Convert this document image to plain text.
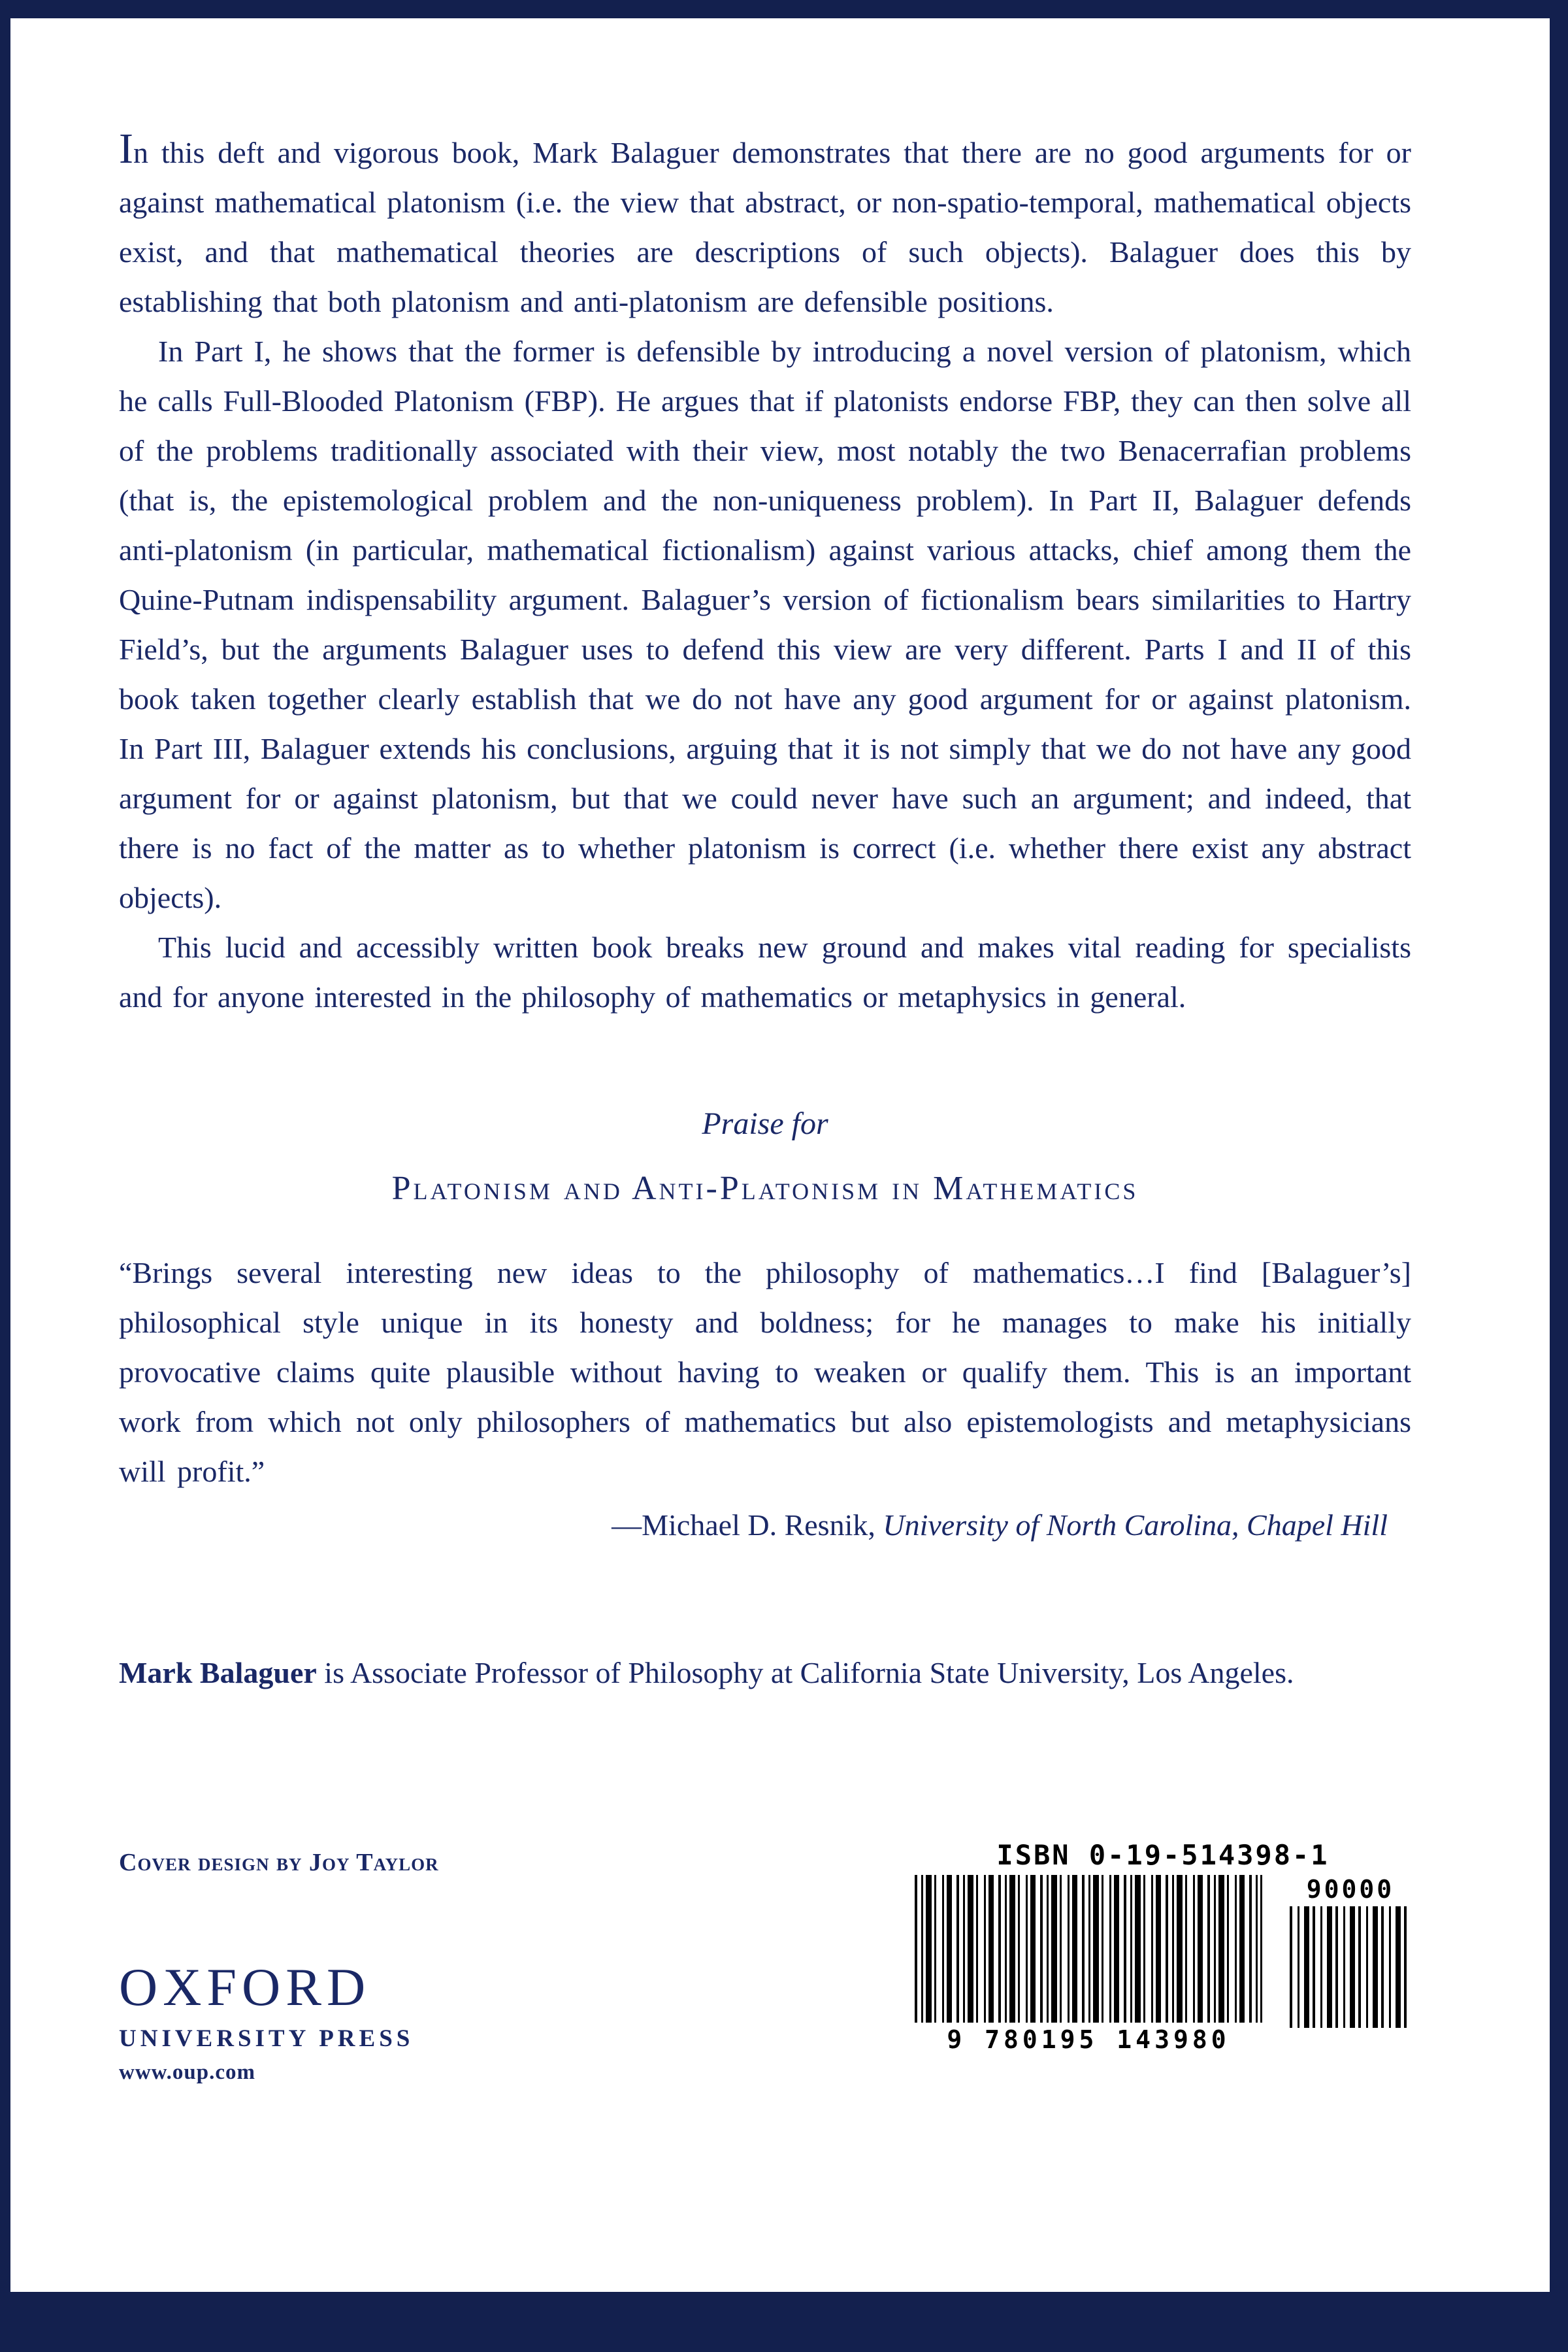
In this deft and vigorous book, Mark Balaguer demonstrates that there are no good arguments for or against mathematical platonism (i.e. the view that abstract, or non-spatio-temporal, mathematical objects exist, and that mathematical theories are descriptions of such objects). Balaguer does this by establishing that both platonism and anti-platonism are defensible positions.

In Part I, he shows that the former is defensible by introducing a novel version of platonism, which he calls Full-Blooded Platonism (FBP). He argues that if platonists endorse FBP, they can then solve all of the problems traditionally associated with their view, most notably the two Benacerrafian problems (that is, the epistemological problem and the non-uniqueness problem). In Part II, Balaguer defends anti-platonism (in particular, mathematical fictionalism) against various attacks, chief among them the Quine-Putnam indispensability argument. Balaguer’s version of fictionalism bears similarities to Hartry Field’s, but the arguments Balaguer uses to defend this view are very different. Parts I and II of this book taken together clearly establish that we do not have any good argument for or against platonism. In Part III, Balaguer extends his conclusions, arguing that it is not simply that we do not have any good argument for or against platonism, but that we could never have such an argument; and indeed, that there is no fact of the matter as to whether platonism is correct (i.e. whether there exist any abstract objects).

This lucid and accessibly written book breaks new ground and makes vital reading for specialists and for anyone interested in the philosophy of mathematics or metaphysics in general.

Praise for
Platonism and Anti-Platonism in Mathematics
“Brings several interesting new ideas to the philosophy of mathematics…I find [Balaguer’s] philosophical style unique in its honesty and boldness; for he manages to make his initially provocative claims quite plausible without having to weaken or qualify them. This is an important work from which not only philosophers of mathematics but also epistemologists and metaphysicians will profit.”
—Michael D. Resnik, University of North Carolina, Chapel Hill
Mark Balaguer is Associate Professor of Philosophy at California State University, Los Angeles.
Cover design by Joy Taylor
OXFORD
UNIVERSITY PRESS
www.oup.com
ISBN 0-19-514398-1
9 780195 143980
90000
